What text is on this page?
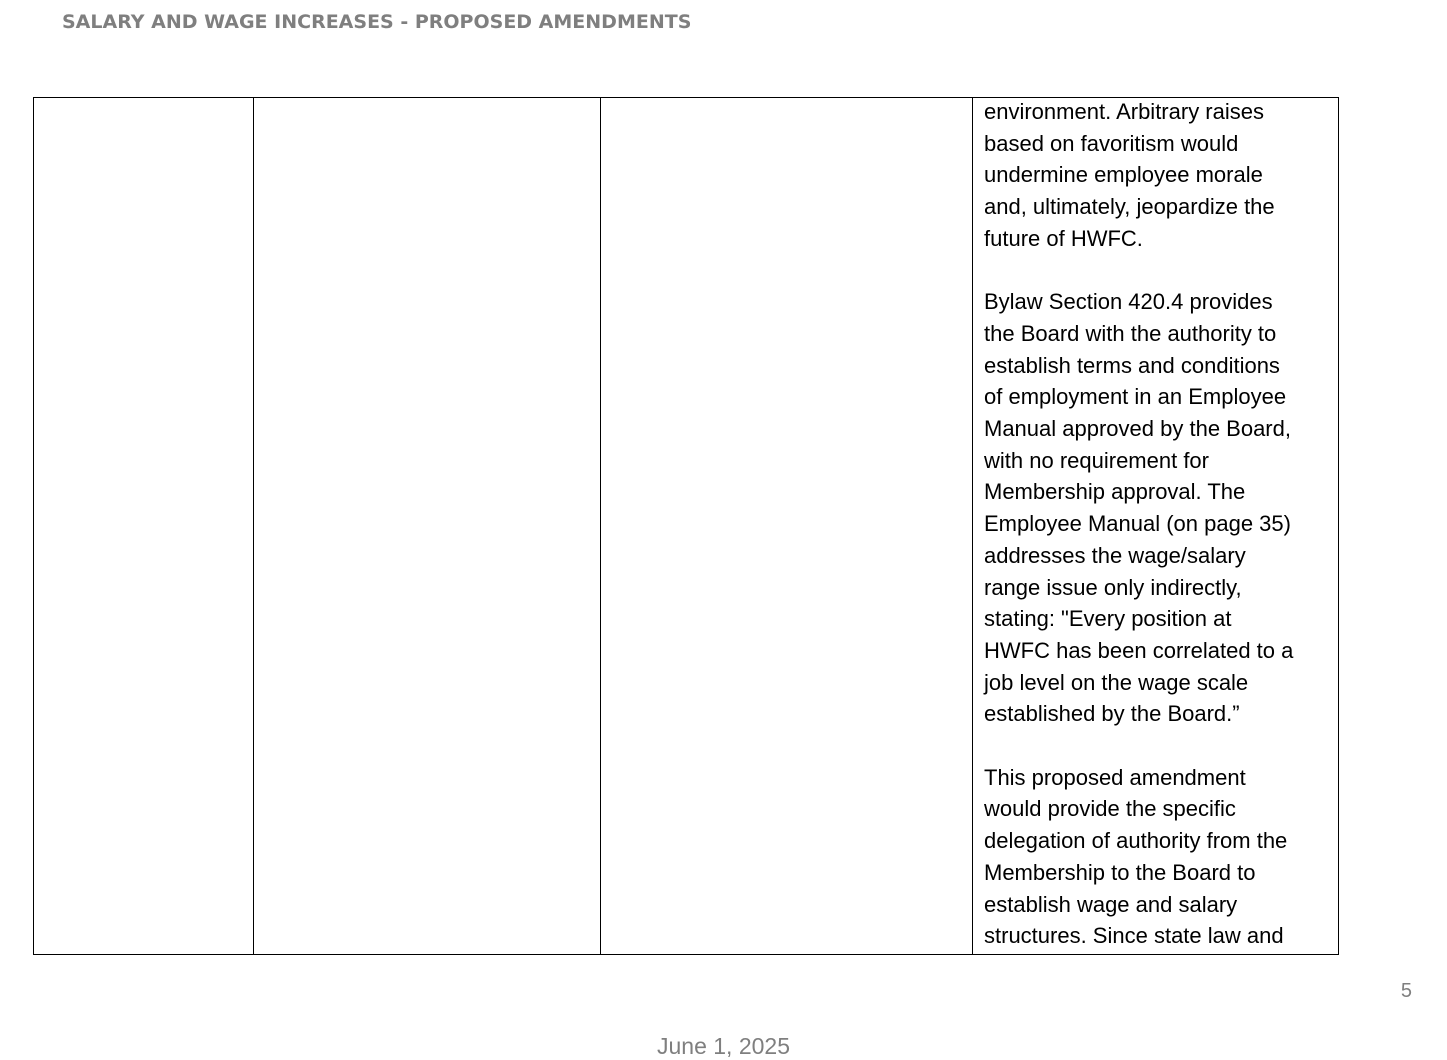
SALARY AND WAGE INCREASES - PROPOSED AMENDMENTS

environment. Arbitrary raises
based on favoritism would
undermine employee morale
and, ultimately, jeopardize the
future of HWFC.

Bylaw Section 420.4 provides
the Board with the authority to
establish terms and conditions
of employment in an Employee
Manual approved by the Board,
with no requirement for
Membership approval. The
Employee Manual (on page 35)
addresses the wage/salary
range issue only indirectly,
stating: "Every position at
HWFC has been correlated to a
job level on the wage scale
established by the Board.”

This proposed amendment
would provide the specific
delegation of authority from the
Membership to the Board to
establish wage and salary
structures. Since state law and

5
June 1, 2025
